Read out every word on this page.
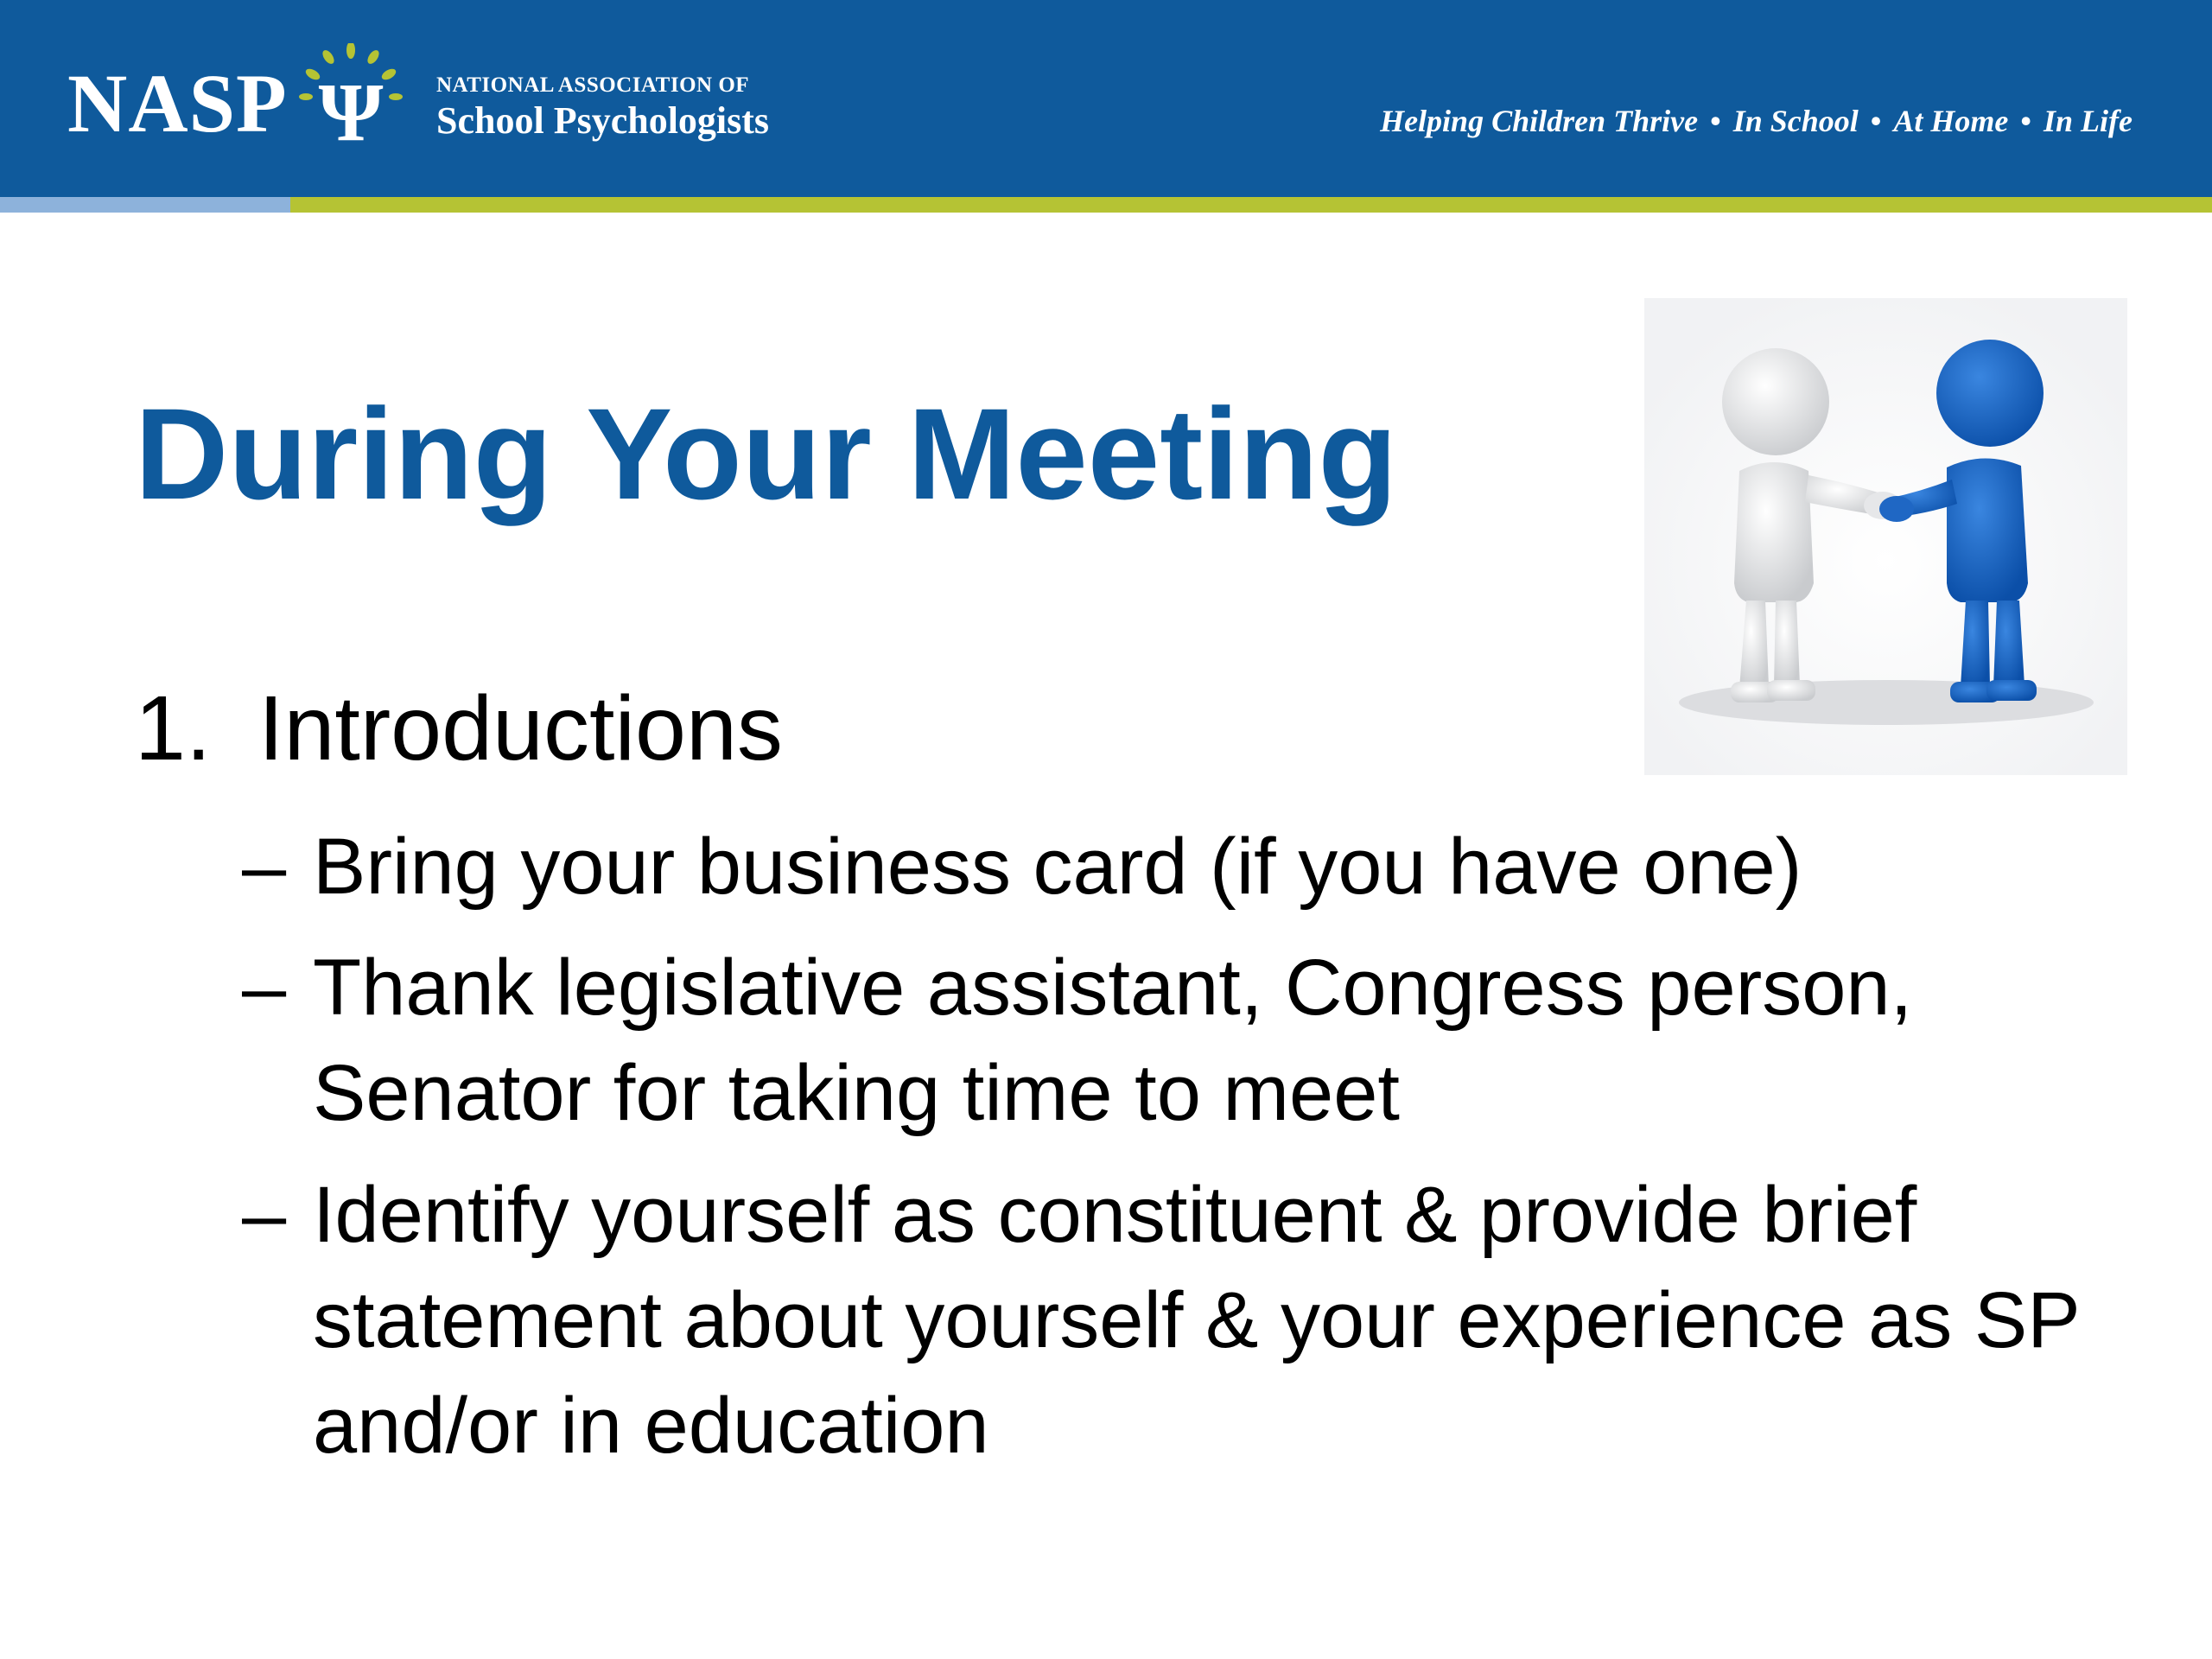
NASP Ψ NATIONAL ASSOCIATION OF
School Psychologists	Helping Children Thrive • In School • At Home • In Life
During Your Meeting
1. Introductions
– Bring your business card (if you have one)
– Thank legislative assistant, Congress person, Senator for taking time to meet
– Identify yourself as constituent & provide brief statement about yourself & your experience as SP and/or in education
